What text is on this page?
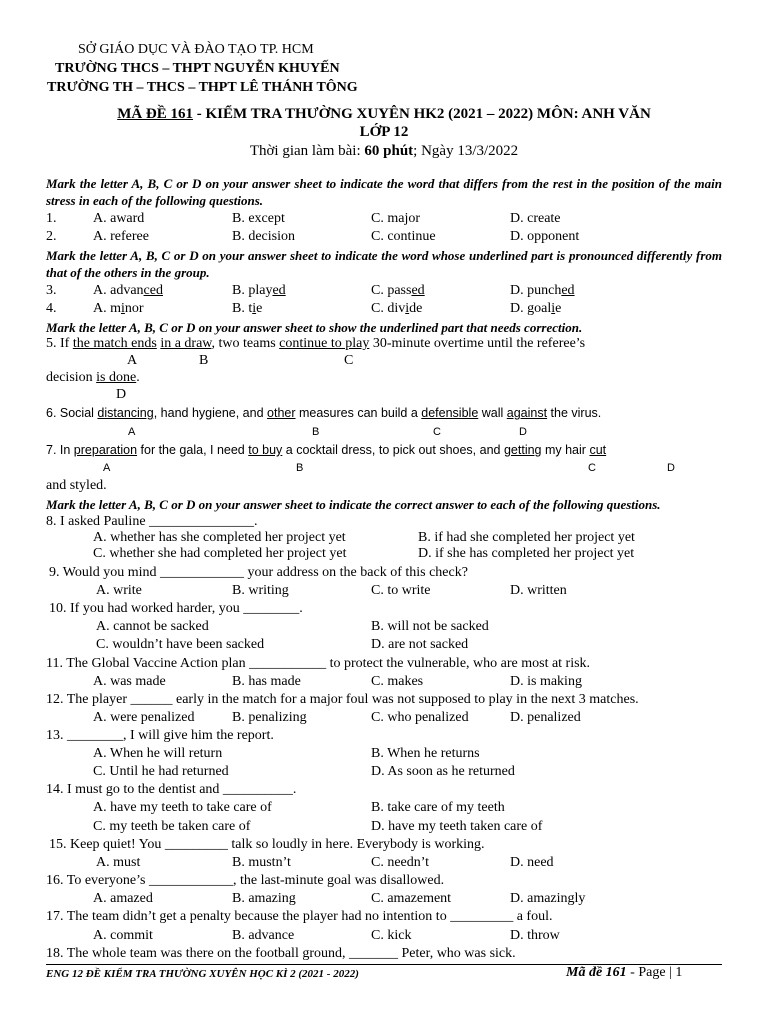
SỞ GIÁO DỤC VÀ ĐÀO TẠO TP. HCM
TRƯỜNG THCS – THPT NGUYỄN KHUYẾN
TRƯỜNG TH – THCS – THPT LÊ THÁNH TÔNG
MÃ ĐỀ 161 - KIỂM TRA THƯỜNG XUYÊN HK2 (2021 – 2022) MÔN: ANH VĂN
LỚP 12
Thời gian làm bài: 60 phút; Ngày 13/3/2022
Mark the letter A, B, C or D on your answer sheet to indicate the word that differs from the rest in the position of the main stress in each of the following questions.
1.	A. award	B. except	C. major	D. create
2.	A. referee	B. decision	C. continue	D. opponent
Mark the letter A, B, C or D on your answer sheet to indicate the word whose underlined part is pronounced differently from that of the others in the group.
3.	A. advanced	B. played	C. passed	D. punched
4.	A. minor	B. tie	C. divide	D. goalie
Mark the letter A, B, C or D on your answer sheet to show the underlined part that needs correction.
5. If the match ends in a draw, two teams continue to play 30-minute overtime until the referee’s
A	B	C
decision is done.
D
6. Social distancing, hand hygiene, and other measures can build a defensible wall against the virus.
A	B	C	D
7. In preparation for the gala, I need to buy a cocktail dress, to pick out shoes, and getting my hair cut
A	B	C	D
and styled.
Mark the letter A, B, C or D on your answer sheet to indicate the correct answer to each of the following questions.
8. I asked Pauline _______________.
A. whether has she completed her project yet	B. if had she completed her project yet
C. whether she had completed her project yet	D. if she has completed her project yet
9. Would you mind ____________ your address on the back of this check?
A. write	B. writing	C. to write	D. written
10. If you had worked harder, you ________.
A. cannot be sacked	B. will not be sacked
C. wouldn’t have been sacked	D. are not sacked
11. The Global Vaccine Action plan ___________ to protect the vulnerable, who are most at risk.
A. was made	B. has made	C. makes	D. is making
12. The player ______ early in the match for a major foul was not supposed to play in the next 3 matches.
A. were penalized	B. penalizing	C. who penalized	D. penalized
13. ________, I will give him the report.
A. When he will return	B. When he returns
C. Until he had returned	D. As soon as he returned
14. I must go to the dentist and __________.
A. have my teeth to take care of	B. take care of my teeth
C. my teeth be taken care of	D. have my teeth taken care of
15. Keep quiet! You _________ talk so loudly in here. Everybody is working.
A. must	B. mustn’t	C. needn’t	D. need
16. To everyone’s ____________, the last-minute goal was disallowed.
A. amazed	B. amazing	C. amazement	D. amazingly
17. The team didn’t get a penalty because the player had no intention to _________ a foul.
A. commit	B. advance	C. kick	D. throw
18. The whole team was there on the football ground, _______ Peter, who was sick.
ENG 12 ĐỀ KIỂM TRA THƯỜNG XUYÊN HỌC KÌ 2 (2021 - 2022)	Mã đề 161 - Page | 1
